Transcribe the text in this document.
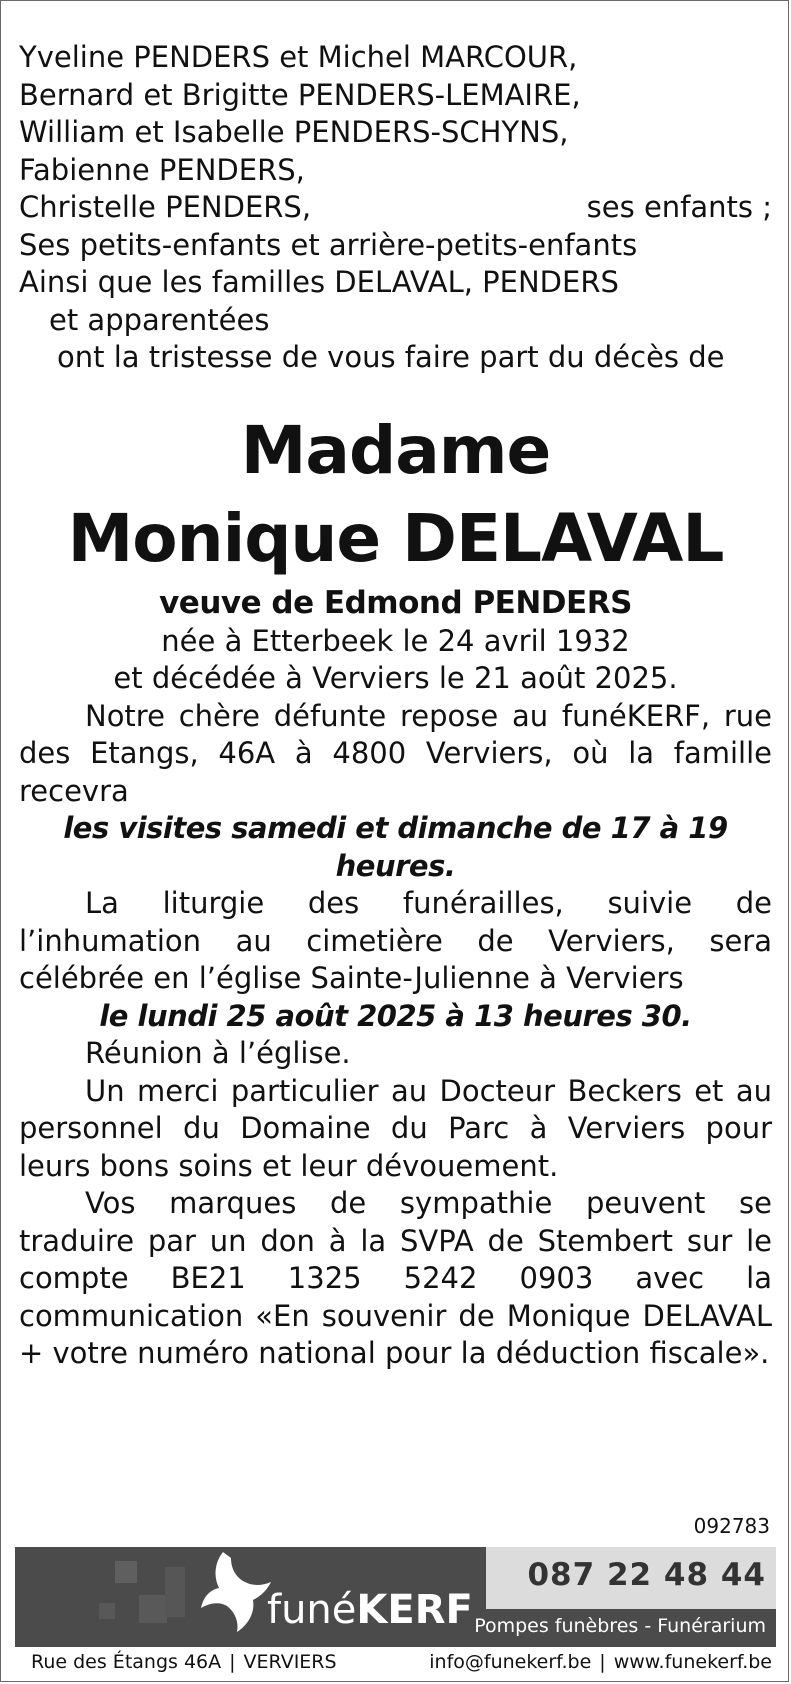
Yveline PENDERS et Michel MARCOUR,

Bernard et Brigitte PENDERS-LEMAIRE,

William et Isabelle PENDERS-SCHYNS,

Fabienne PENDERS,

Christelle PENDERS,	ses enfants ;

Ses petits-enfants et arrière-petits-enfants

Ainsi que les familles DELAVAL, PENDERS

et apparentées

ont la tristesse de vous faire part du décès de

Madame
Monique DELAVAL

veuve de Edmond PENDERS

née à Etterbeek le 24 avril 1932

et décédée à Verviers le 21 août 2025.

Notre chère défunte repose au funéKERF, rue des Etangs, 46A à 4800 Verviers, où la famille recevra

les visites samedi et dimanche de 17 à 19 heures.

La liturgie des funérailles, suivie de l’inhumation au cimetière de Verviers, sera célébrée en l’église Sainte-Julienne à Verviers

le lundi 25 août 2025 à 13 heures 30.

Réunion à l’église.

Un merci particulier au Docteur Beckers et au personnel du Domaine du Parc à Verviers pour leurs bons soins et leur dévouement.

Vos marques de sympathie peuvent se traduire par un don à la SVPA de Stembert sur le compte BE21 1325 5242 0903 avec la communication «En souvenir de Monique DELAVAL + votre numéro national pour la déduction fiscale».

092783
funéKERF
087 22 48 44
Pompes funèbres - Funérarium
Rue des Étangs 46A | VERVIERS	info@funekerf.be | www.funekerf.be
